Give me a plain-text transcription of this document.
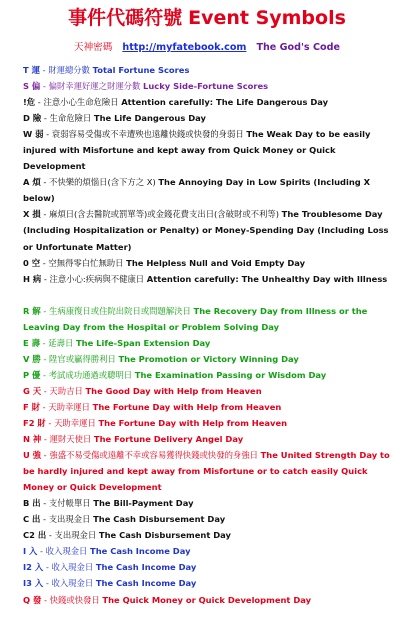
事件代碼符號 Event Symbols
天神密碼 http://myfatebook.com The God's Code
T 運 - 財運總分數 Total Fortune Scores
S 偏 - 偏財幸運好運之財運分數 Lucky Side-Fortune Scores
!危 - 注意小心生命危險日 Attention carefully: The Life Dangerous Day
D 險 - 生命危險日 The Life Dangerous Day
W 弱 - 衰弱容易受傷或不幸遭殃也遠離快錢或快發的身弱日 The Weak Day to be easily injured with Misfortune and kept away from Quick Money or Quick Development
A 煩 - 不快樂的煩惱日(含下方之 X) The Annoying Day in Low Spirits (Including X below)
X 損 - 麻煩日(含去醫院或罰單等)或金錢花費支出日(含破財或不利等) The Troublesome Day (Including Hospitalization or Penalty) or Money-Spending Day (Including Loss or Unfortunate Matter)
0 空 - 空無得零白忙無助日 The Helpless Null and Void Empty Day
H 病 - 注意小心:疾病與不健康日 Attention carefully: The Unhealthy Day with Illness
R 解 - 生病康復日或住院出院日或問題解決日 The Recovery Day from Illness or the Leaving Day from the Hospital or Problem Solving Day
E 壽 - 延壽日 The Life-Span Extension Day
V 勝 - 陞官或贏得勝利日 The Promotion or Victory Winning Day
P 優 - 考試成功通過或聰明日 The Examination Passing or Wisdom Day
G 天 - 天助吉日 The Good Day with Help from Heaven
F 財 - 天助幸運日 The Fortune Day with Help from Heaven
F2 財 - 天助幸運日 The Fortune Day with Help from Heaven
N 神 - 運財天使日 The Fortune Delivery Angel Day
U 強 - 強盛不易受傷或遠離不幸或容易獲得快錢或快發的身強日 The United Strength Day to be hardly injured and kept away from Misfortune or to catch easily Quick Money or Quick Development
B 出 - 支付帳單日 The Bill-Payment Day
C 出 - 支出現金日 The Cash Disbursement Day
C2 出 - 支出現金日 The Cash Disbursement Day
I 入 - 收入現金日 The Cash Income Day
I2 入 - 收入現金日 The Cash Income Day
I3 入 - 收入現金日 The Cash Income Day
Q 發 - 快錢或快發日 The Quick Money or Quick Development Day
